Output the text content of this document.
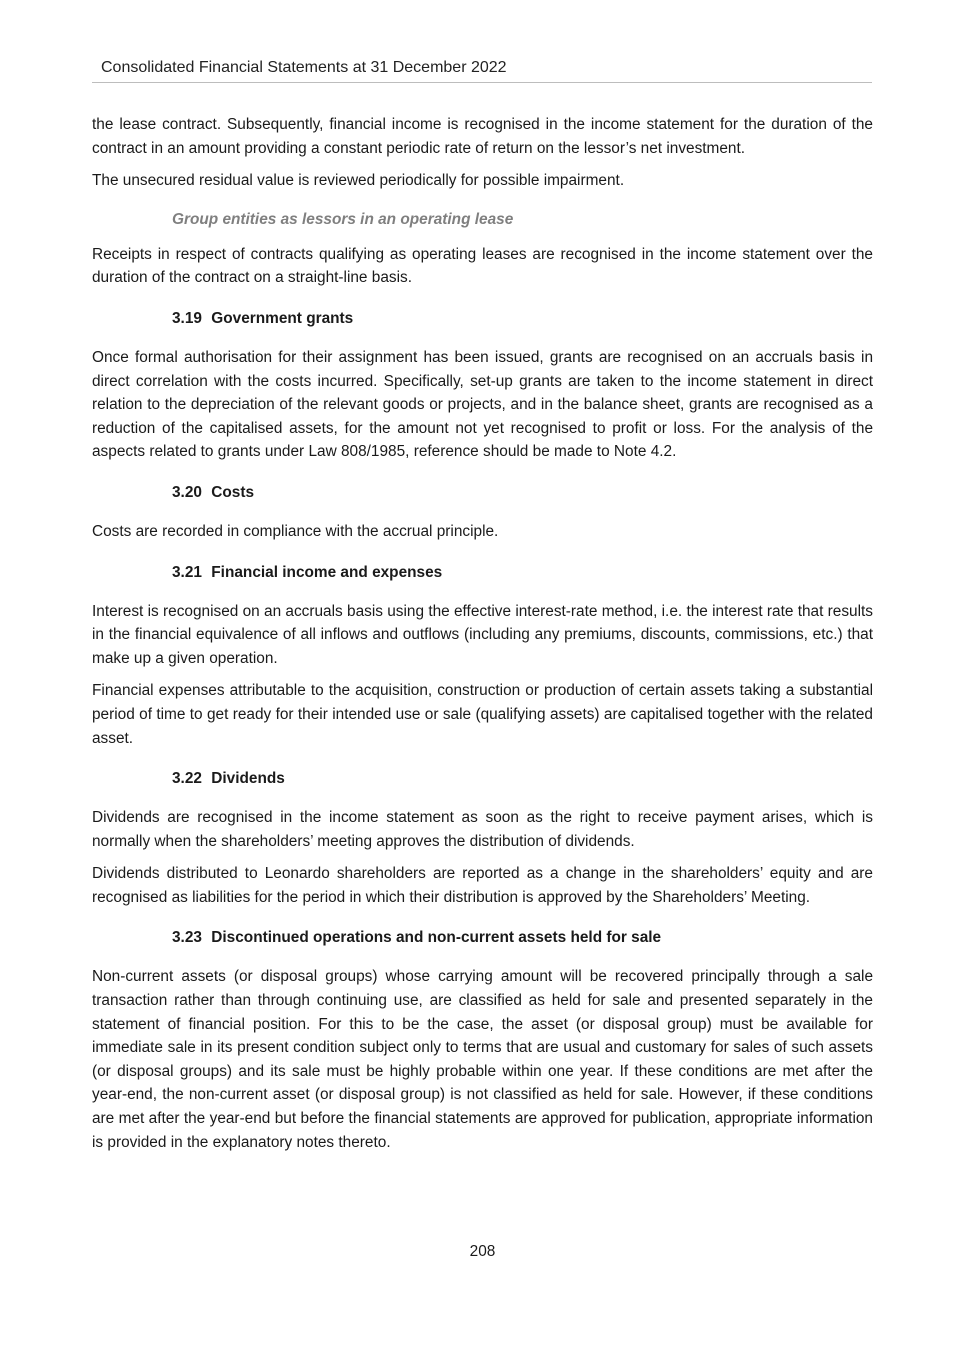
Consolidated Financial Statements at 31 December 2022

the lease contract. Subsequently, financial income is recognised in the income statement for the duration of the contract in an amount providing a constant periodic rate of return on the lessor’s net investment.

The unsecured residual value is reviewed periodically for possible impairment.

Group entities as lessors in an operating lease

Receipts in respect of contracts qualifying as operating leases are recognised in the income statement over the duration of the contract on a straight-line basis.

3.19 Government grants

Once formal authorisation for their assignment has been issued, grants are recognised on an accruals basis in direct correlation with the costs incurred. Specifically, set-up grants are taken to the income statement in direct relation to the depreciation of the relevant goods or projects, and in the balance sheet, grants are recognised as a reduction of the capitalised assets, for the amount not yet recognised to profit or loss. For the analysis of the aspects related to grants under Law 808/1985, reference should be made to Note 4.2.

3.20 Costs

Costs are recorded in compliance with the accrual principle.

3.21 Financial income and expenses

Interest is recognised on an accruals basis using the effective interest-rate method, i.e. the interest rate that results in the financial equivalence of all inflows and outflows (including any premiums, discounts, commissions, etc.) that make up a given operation.

Financial expenses attributable to the acquisition, construction or production of certain assets taking a substantial period of time to get ready for their intended use or sale (qualifying assets) are capitalised together with the related asset.

3.22 Dividends

Dividends are recognised in the income statement as soon as the right to receive payment arises, which is normally when the shareholders’ meeting approves the distribution of dividends.

Dividends distributed to Leonardo shareholders are reported as a change in the shareholders’ equity and are recognised as liabilities for the period in which their distribution is approved by the Shareholders’ Meeting.

3.23 Discontinued operations and non-current assets held for sale

Non-current assets (or disposal groups) whose carrying amount will be recovered principally through a sale transaction rather than through continuing use, are classified as held for sale and presented separately in the statement of financial position. For this to be the case, the asset (or disposal group) must be available for immediate sale in its present condition subject only to terms that are usual and customary for sales of such assets (or disposal groups) and its sale must be highly probable within one year. If these conditions are met after the year-end, the non-current asset (or disposal group) is not classified as held for sale. However, if these conditions are met after the year-end but before the financial statements are approved for publication, appropriate information is provided in the explanatory notes thereto.

208
